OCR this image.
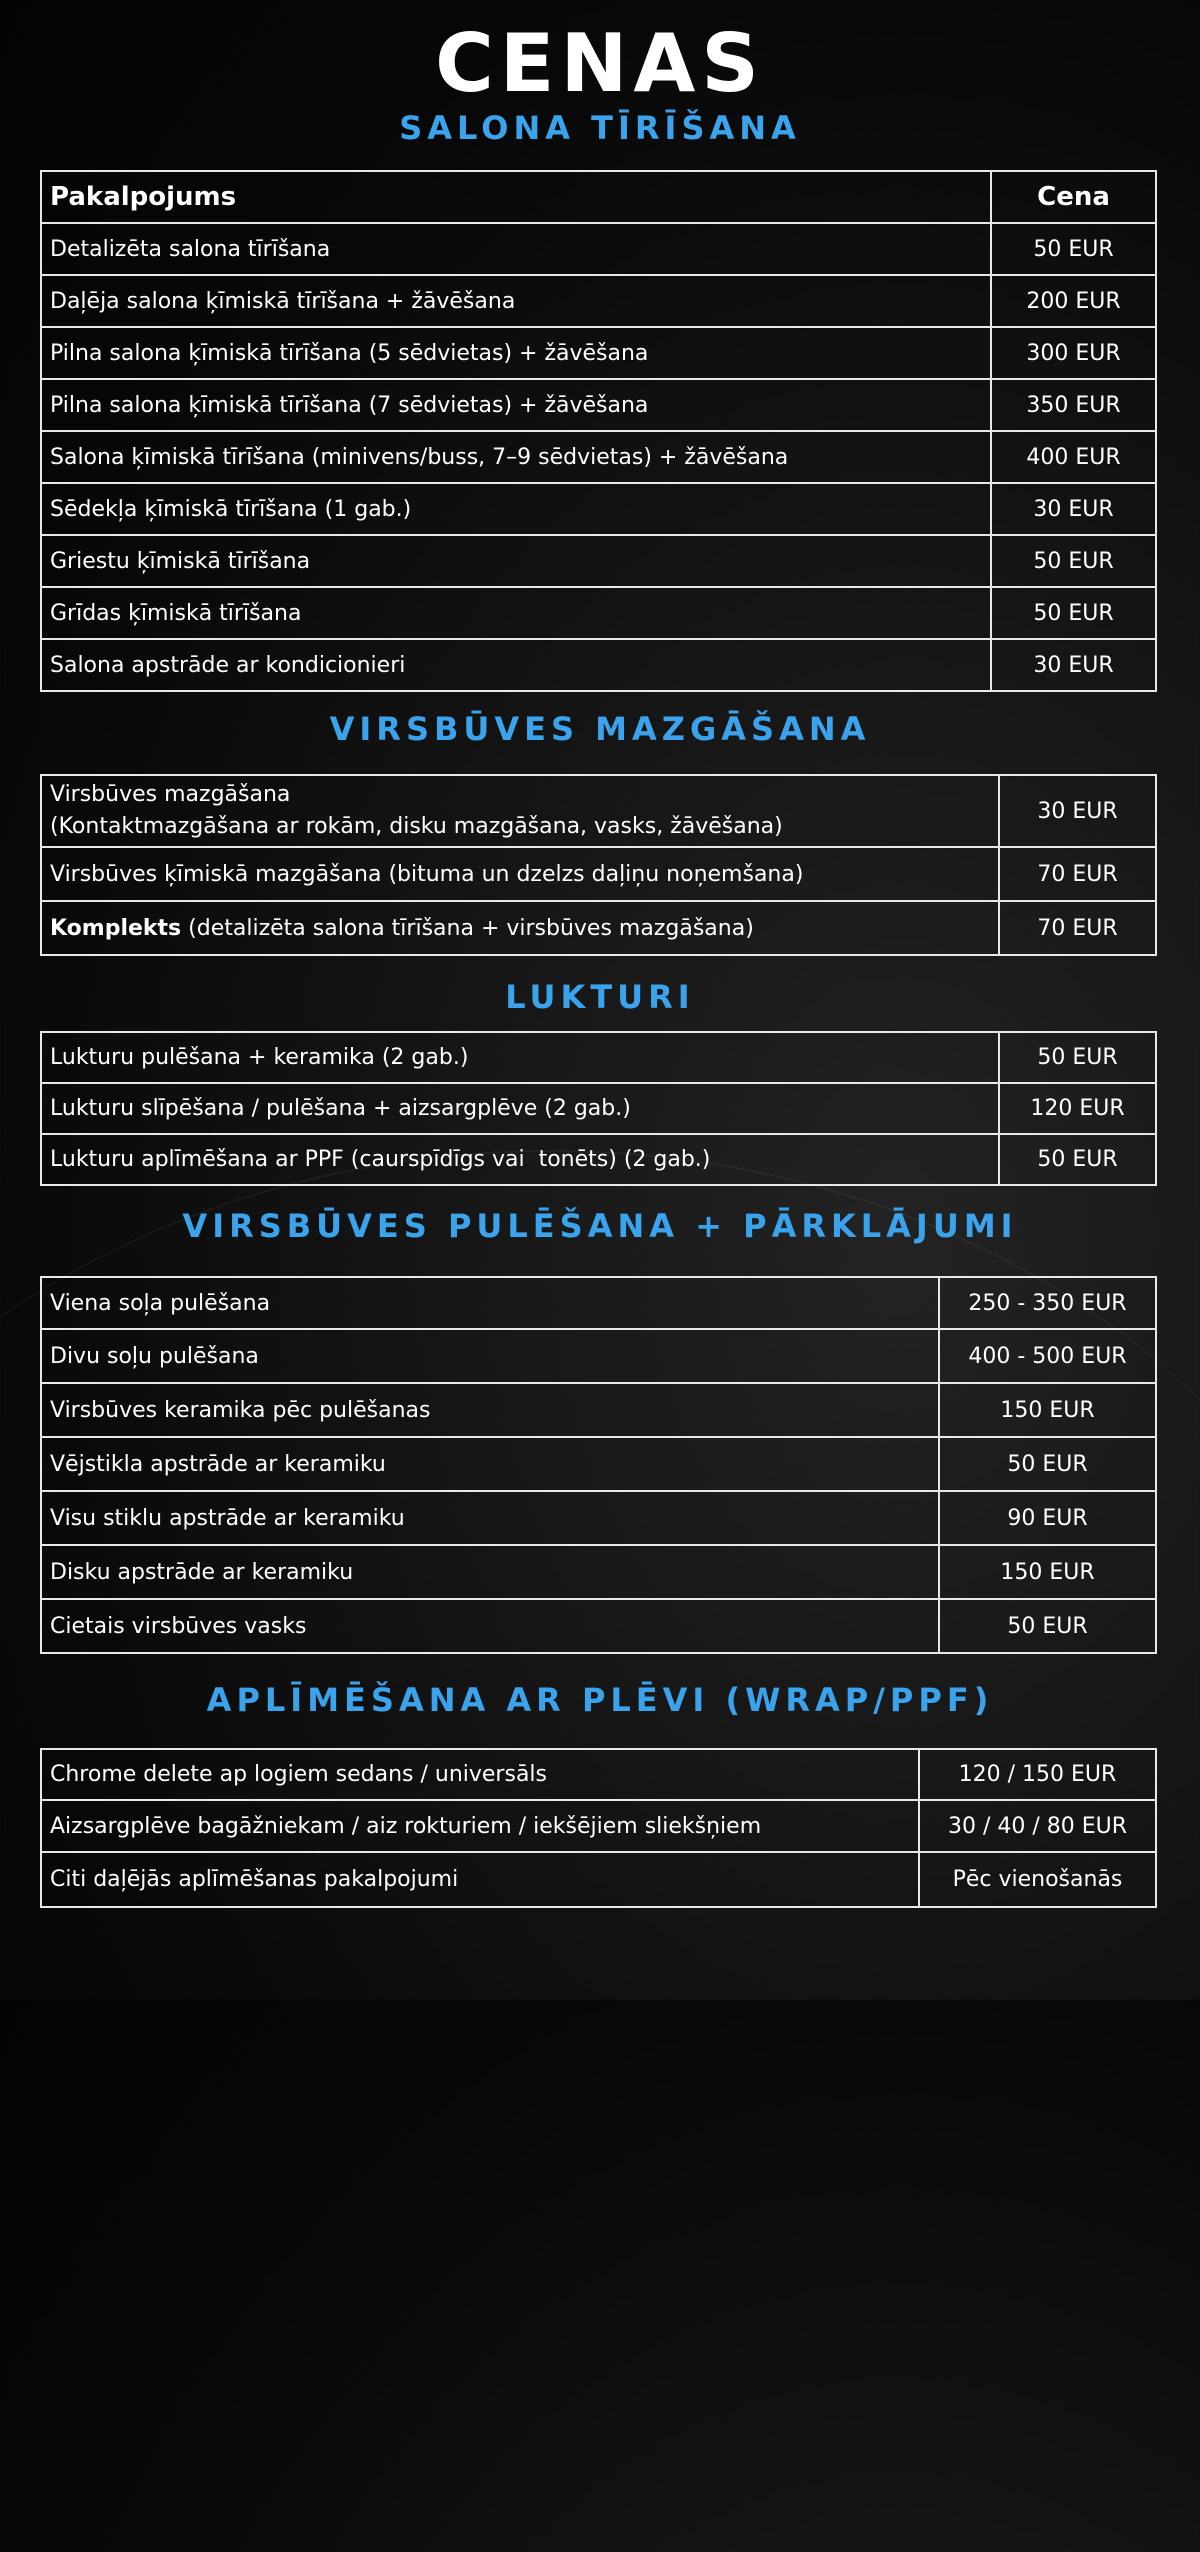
CENAS
SALONA TĪRĪŠANA
Pakalpojums	Cena
Detalizēta salona tīrīšana	50 EUR
Daļēja salona ķīmiskā tīrīšana + žāvēšana	200 EUR
Pilna salona ķīmiskā tīrīšana (5 sēdvietas) + žāvēšana	300 EUR
Pilna salona ķīmiskā tīrīšana (7 sēdvietas) + žāvēšana	350 EUR
Salona ķīmiskā tīrīšana (minivens/buss, 7–9 sēdvietas) + žāvēšana	400 EUR
Sēdekļa ķīmiskā tīrīšana (1 gab.)	30 EUR
Griestu ķīmiskā tīrīšana	50 EUR
Grīdas ķīmiskā tīrīšana	50 EUR
Salona apstrāde ar kondicionieri	30 EUR
VIRSBŪVES MAZGĀŠANA
Virsbūves mazgāšana
(Kontaktmazgāšana ar rokām, disku mazgāšana, vasks, žāvēšana)	30 EUR
Virsbūves ķīmiskā mazgāšana (bituma un dzelzs daļiņu noņemšana)	70 EUR
Komplekts (detalizēta salona tīrīšana + virsbūves mazgāšana)	70 EUR
LUKTURI
Lukturu pulēšana + keramika (2 gab.)	50 EUR
Lukturu slīpēšana / pulēšana + aizsargplēve (2 gab.)	120 EUR
Lukturu aplīmēšana ar PPF (caurspīdīgs vai  tonēts) (2 gab.)	50 EUR
VIRSBŪVES PULĒŠANA + PĀRKLĀJUMI
Viena soļa pulēšana	250 - 350 EUR
Divu soļu pulēšana	400 - 500 EUR
Virsbūves keramika pēc pulēšanas	150 EUR
Vējstikla apstrāde ar keramiku	50 EUR
Visu stiklu apstrāde ar keramiku	90 EUR
Disku apstrāde ar keramiku	150 EUR
Cietais virsbūves vasks	50 EUR
APLĪMĒŠANA AR PLĒVI (WRAP/PPF)
Chrome delete ap logiem sedans / universāls	120 / 150 EUR
Aizsargplēve bagāžniekam / aiz rokturiem / iekšējiem sliekšņiem	30 / 40 / 80 EUR
Citi daļējās aplīmēšanas pakalpojumi	Pēc vienošanās
